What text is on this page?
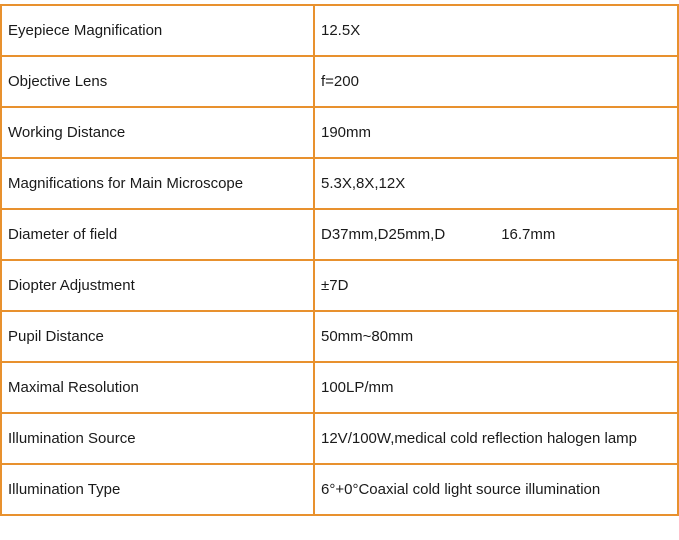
Eyepiece Magnification	12.5X
Objective Lens	f=200
Working Distance	190mm
Magnifications for Main Microscope	5.3X,8X,12X
Diameter of field	D37mm,D25mm,D 16.7mm
Diopter Adjustment	±7D
Pupil Distance	50mm~80mm
Maximal Resolution	100LP/mm
Illumination Source	12V/100W,medical cold reflection halogen lamp
Illumination Type	6°+0°Coaxial cold light source illumination
